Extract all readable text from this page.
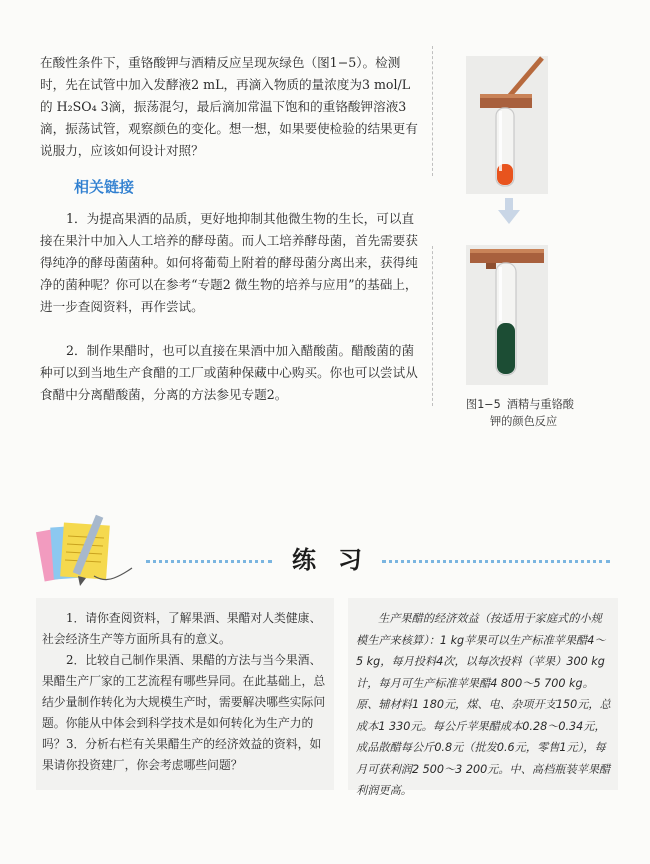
在酸性条件下，重铬酸钾与酒精反应呈现灰绿色（图1−5）。检测时，先在试管中加入发酵液2 mL，再滴入物质的量浓度为3 mol/L的 H₂SO₄ 3滴，振荡混匀，最后滴加常温下饱和的重铬酸钾溶液3滴，振荡试管，观察颜色的变化。想一想，如果要使检验的结果更有说服力，应该如何设计对照？

相关链接

1．为提高果酒的品质，更好地抑制其他微生物的生长，可以直接在果汁中加入人工培养的酵母菌。而人工培养酵母菌，首先需要获得纯净的酵母菌菌种。如何将葡萄上附着的酵母菌分离出来，获得纯净的菌种呢？你可以在参考“专题2 微生物的培养与应用”的基础上，进一步查阅资料，再作尝试。

2．制作果醋时，也可以直接在果酒中加入醋酸菌。醋酸菌的菌种可以到当地生产食醋的工厂或菌种保藏中心购买。你也可以尝试从食醋中分离醋酸菌，分离的方法参见专题2。

图1−5 酒精与重铬酸
钾的颜色反应
练习

1．请你查阅资料，了解果酒、果醋对人类健康、社会经济生产等方面所具有的意义。

2．比较自己制作果酒、果醋的方法与当今果酒、果醋生产厂家的工艺流程有哪些异同。在此基础上，总结少量制作转化为大规模生产时，需要解决哪些实际问题。你能从中体会到科学技术是如何转化为生产力的吗？ 3．分析右栏有关果醋生产的经济效益的资料，如果请你投资建厂，你会考虑哪些问题？

生产果醋的经济效益（按适用于家庭式的小规模生产来核算）：1 kg苹果可以生产标准苹果醋4～5 kg，每月投料4次，以每次投料（苹果）300 kg计，每月可生产标准苹果醋4 800～5 700 kg。原、辅材料1 180元，煤、电、杂项开支150元，总成本1 330元。每公斤苹果醋成本0.28～0.34元，成品散醋每公斤0.8元（批发0.6元，零售1元），每月可获利润2 500～3 200元。中、高档瓶装苹果醋利润更高。
